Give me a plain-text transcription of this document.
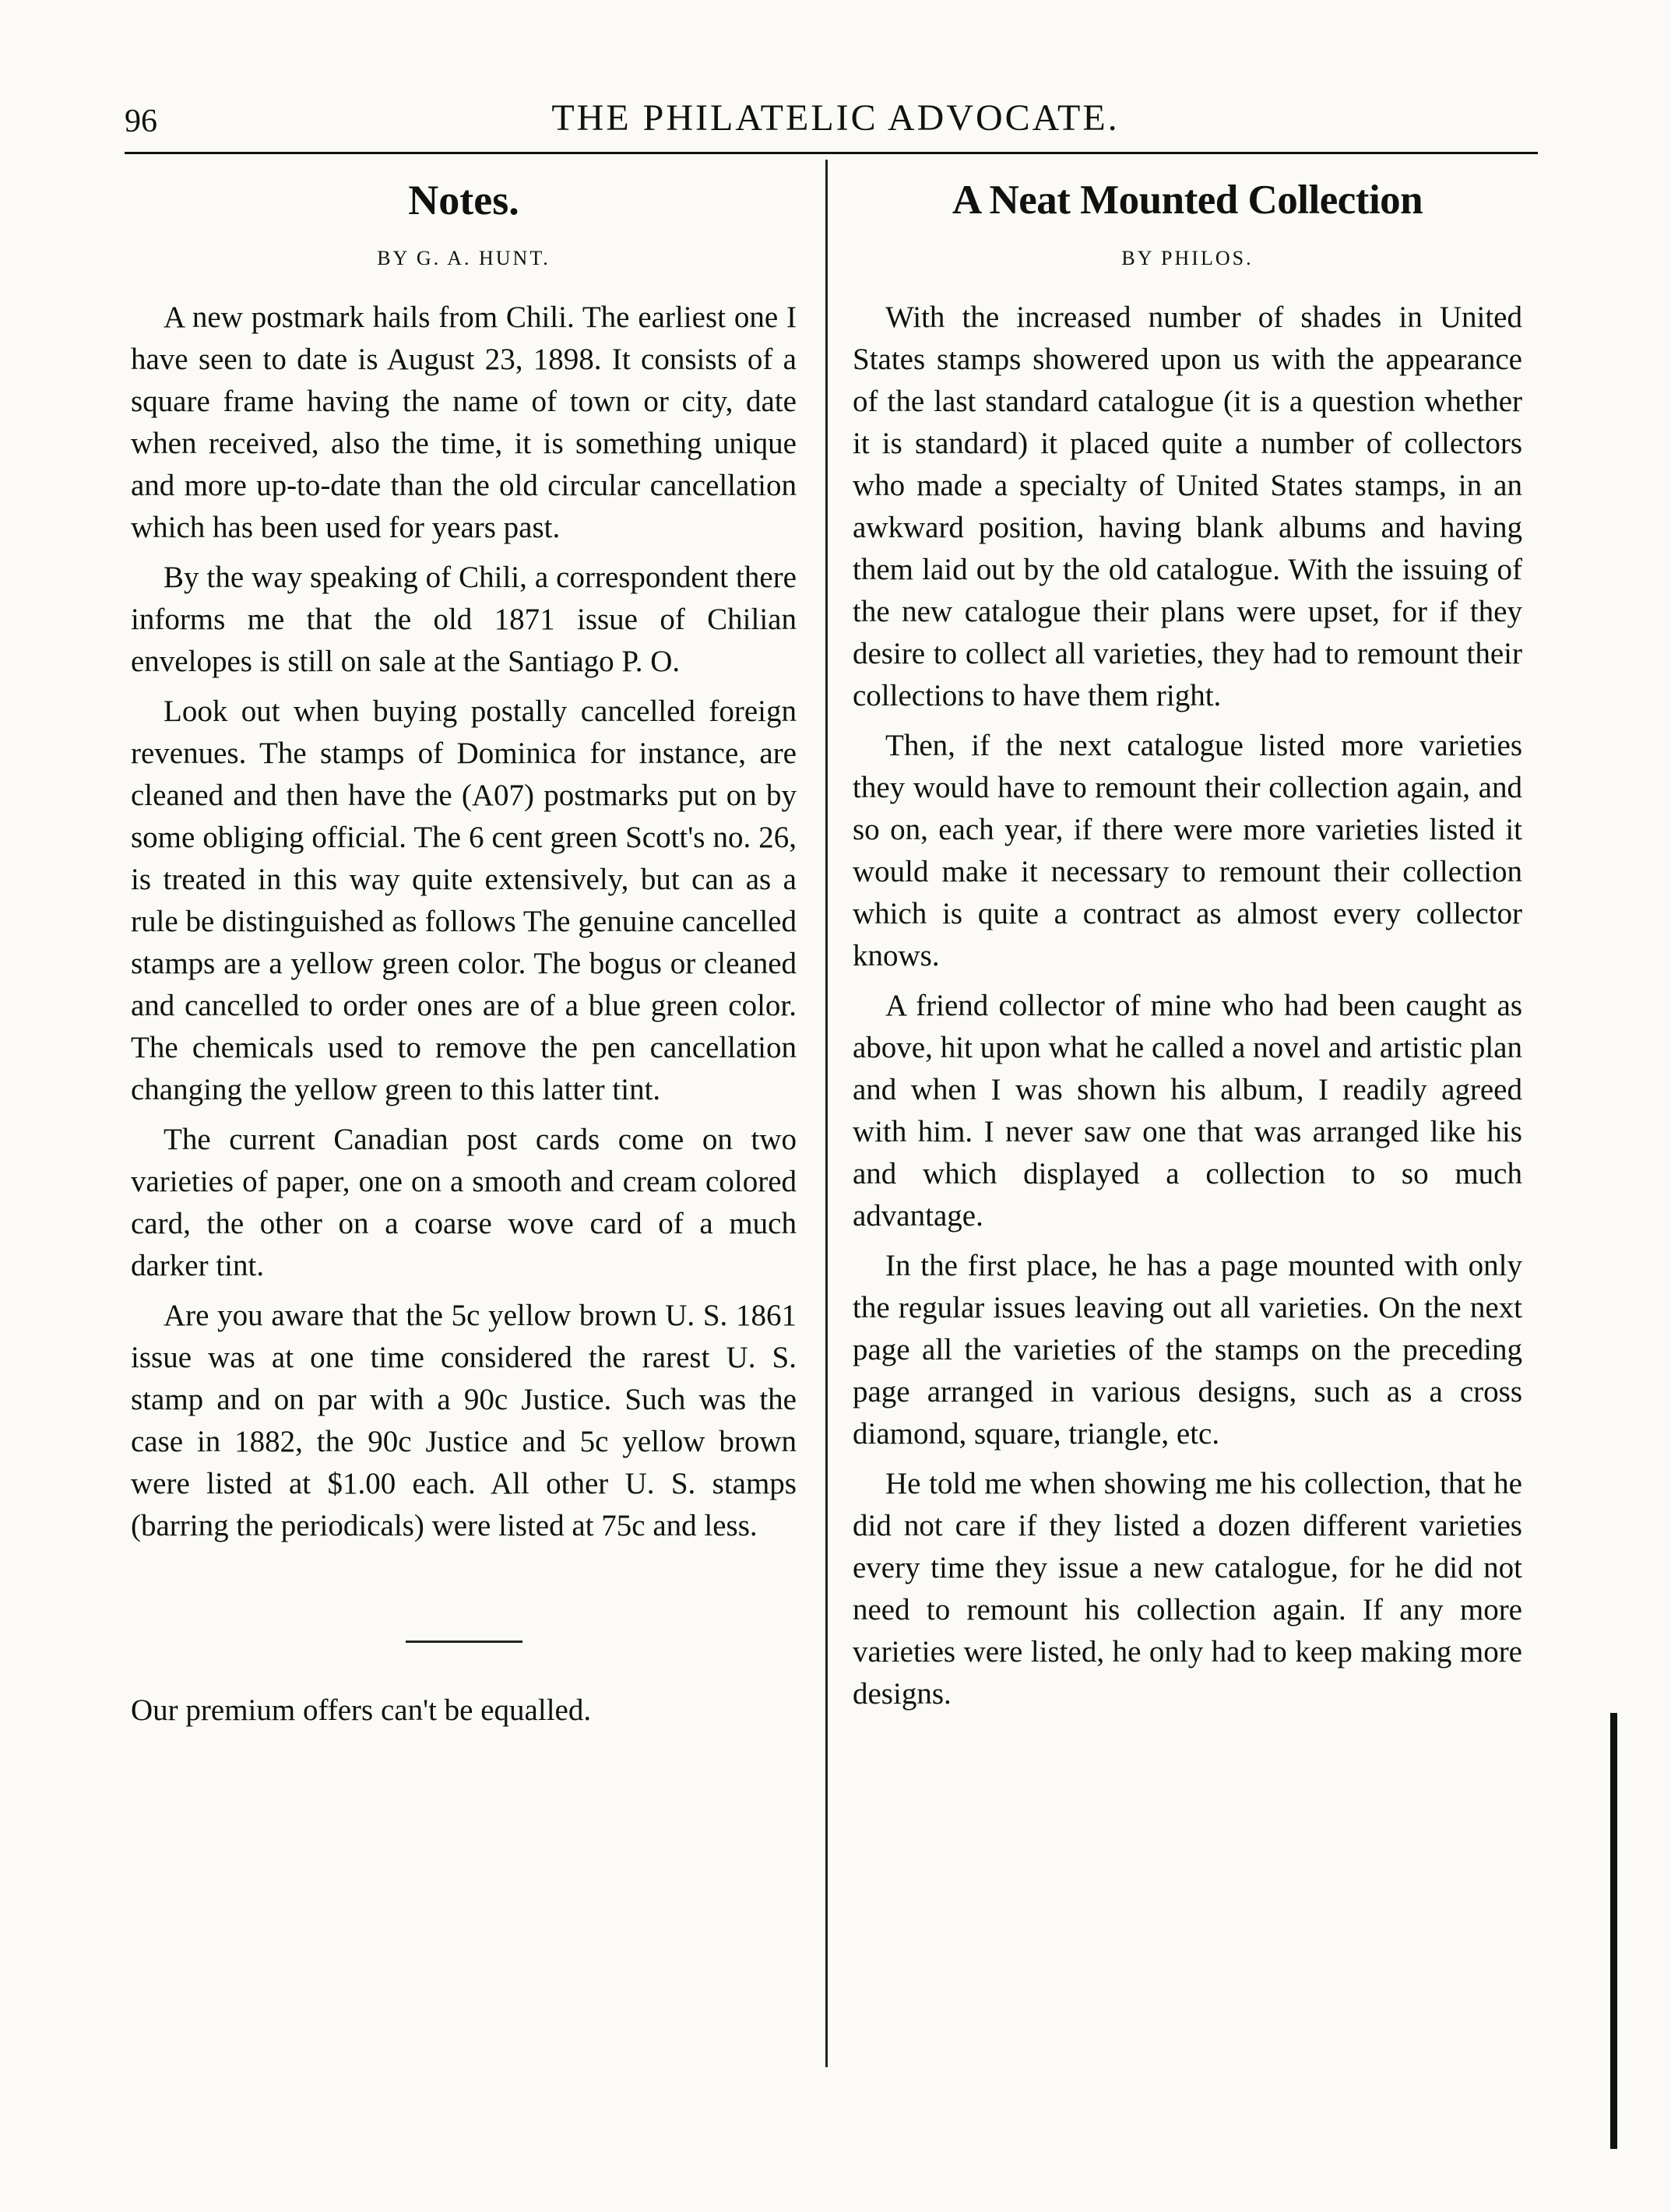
96	THE PHILATELIC ADVOCATE.
Notes.
BY G. A. HUNT.

A new postmark hails from Chili. The earliest one I have seen to date is August 23, 1898. It consists of a square frame having the name of town or city, date when received, also the time, it is something unique and more up-to-date than the old circular cancellation which has been used for years past.

By the way speaking of Chili, a correspondent there informs me that the old 1871 issue of Chilian envelopes is still on sale at the Santiago P. O.

Look out when buying postally cancelled foreign revenues. The stamps of Dominica for instance, are cleaned and then have the (A07) postmarks put on by some obliging official. The 6 cent green Scott's no. 26, is treated in this way quite extensively, but can as a rule be distinguished as follows The genuine cancelled stamps are a yellow green color. The bogus or cleaned and cancelled to order ones are of a blue green color. The chemicals used to remove the pen cancellation changing the yellow green to this latter tint.

The current Canadian post cards come on two varieties of paper, one on a smooth and cream colored card, the other on a coarse wove card of a much darker tint.

Are you aware that the 5c yellow brown U. S. 1861 issue was at one time considered the rarest U. S. stamp and on par with a 90c Justice. Such was the case in 1882, the 90c Justice and 5c yellow brown were listed at $1.00 each. All other U. S. stamps (barring the periodicals) were listed at 75c and less.

Our premium offers can't be equalled.

A Neat Mounted Collection
BY PHILOS.

With the increased number of shades in United States stamps showered upon us with the appearance of the last standard catalogue (it is a question whether it is standard) it placed quite a number of collectors who made a specialty of United States stamps, in an awkward position, having blank albums and having them laid out by the old catalogue. With the issuing of the new catalogue their plans were upset, for if they desire to collect all varieties, they had to remount their collections to have them right.

Then, if the next catalogue listed more varieties they would have to remount their collection again, and so on, each year, if there were more varieties listed it would make it necessary to remount their collection which is quite a contract as almost every collector knows.

A friend collector of mine who had been caught as above, hit upon what he called a novel and artistic plan and when I was shown his album, I readily agreed with him. I never saw one that was arranged like his and which displayed a collection to so much advantage.

In the first place, he has a page mounted with only the regular issues leaving out all varieties. On the next page all the varieties of the stamps on the preceding page arranged in various designs, such as a cross diamond, square, triangle, etc.

He told me when showing me his collection, that he did not care if they listed a dozen different varieties every time they issue a new catalogue, for he did not need to remount his collection again. If any more varieties were listed, he only had to keep making more designs.
